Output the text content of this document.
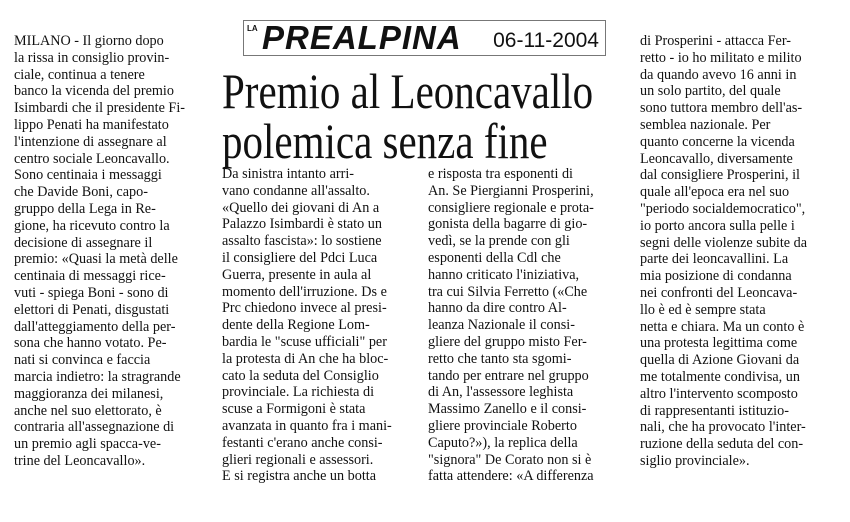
LA PREALPINA 06-11-2004
Premio al Leoncavallo
polemica senza fine
MILANO - Il giorno dopo
la rissa in consiglio provin-
ciale, continua a tenere
banco la vicenda del premio
Isimbardi che il presidente Fi-
lippo Penati ha manifestato
l'intenzione di assegnare al
centro sociale Leoncavallo.
Sono centinaia i messaggi
che Davide Boni, capo-
gruppo della Lega in Re-
gione, ha ricevuto contro la
decisione di assegnare il
premio: «Quasi la metà delle
centinaia di messaggi rice-
vuti - spiega Boni - sono di
elettori di Penati, disgustati
dall'atteggiamento della per-
sona che hanno votato. Pe-
nati si convinca e faccia
marcia indietro: la stragrande
maggioranza dei milanesi,
anche nel suo elettorato, è
contraria all'assegnazione di
un premio agli spacca-ve-
trine del Leoncavallo».
Da sinistra intanto arri-
vano condanne all'assalto.
«Quello dei giovani di An a
Palazzo Isimbardi è stato un
assalto fascista»: lo sostiene
il consigliere del Pdci Luca
Guerra, presente in aula al
momento dell'irruzione. Ds e
Prc chiedono invece al presi-
dente della Regione Lom-
bardia le "scuse ufficiali" per
la protesta di An che ha bloc-
cato la seduta del Consiglio
provinciale. La richiesta di
scuse a Formigoni è stata
avanzata in quanto fra i mani-
festanti c'erano anche consi-
glieri regionali e assessori.
E si registra anche un botta
e risposta tra esponenti di
An. Se Piergianni Prosperini,
consigliere regionale e prota-
gonista della bagarre di gio-
vedì, se la prende con gli
esponenti della Cdl che
hanno criticato l'iniziativa,
tra cui Silvia Ferretto («Che
hanno da dire contro Al-
leanza Nazionale il consi-
gliere del gruppo misto Fer-
retto che tanto sta sgomi-
tando per entrare nel gruppo
di An, l'assessore leghista
Massimo Zanello e il consi-
gliere provinciale Roberto
Caputo?»), la replica della
"signora" De Corato non si è
fatta attendere: «A differenza
di Prosperini - attacca Fer-
retto - io ho militato e milito
da quando avevo 16 anni in
un solo partito, del quale
sono tuttora membro dell'as-
semblea nazionale. Per
quanto concerne la vicenda
Leoncavallo, diversamente
dal consigliere Prosperini, il
quale all'epoca era nel suo
"periodo socialdemocratico",
io porto ancora sulla pelle i
segni delle violenze subite da
parte dei leoncavallini. La
mia posizione di condanna
nei confronti del Leoncava-
llo è ed è sempre stata
netta e chiara. Ma un conto è
una protesta legittima come
quella di Azione Giovani da
me totalmente condivisa, un
altro l'intervento scomposto
di rappresentanti istituzio-
nali, che ha provocato l'inter-
ruzione della seduta del con-
siglio provinciale».
